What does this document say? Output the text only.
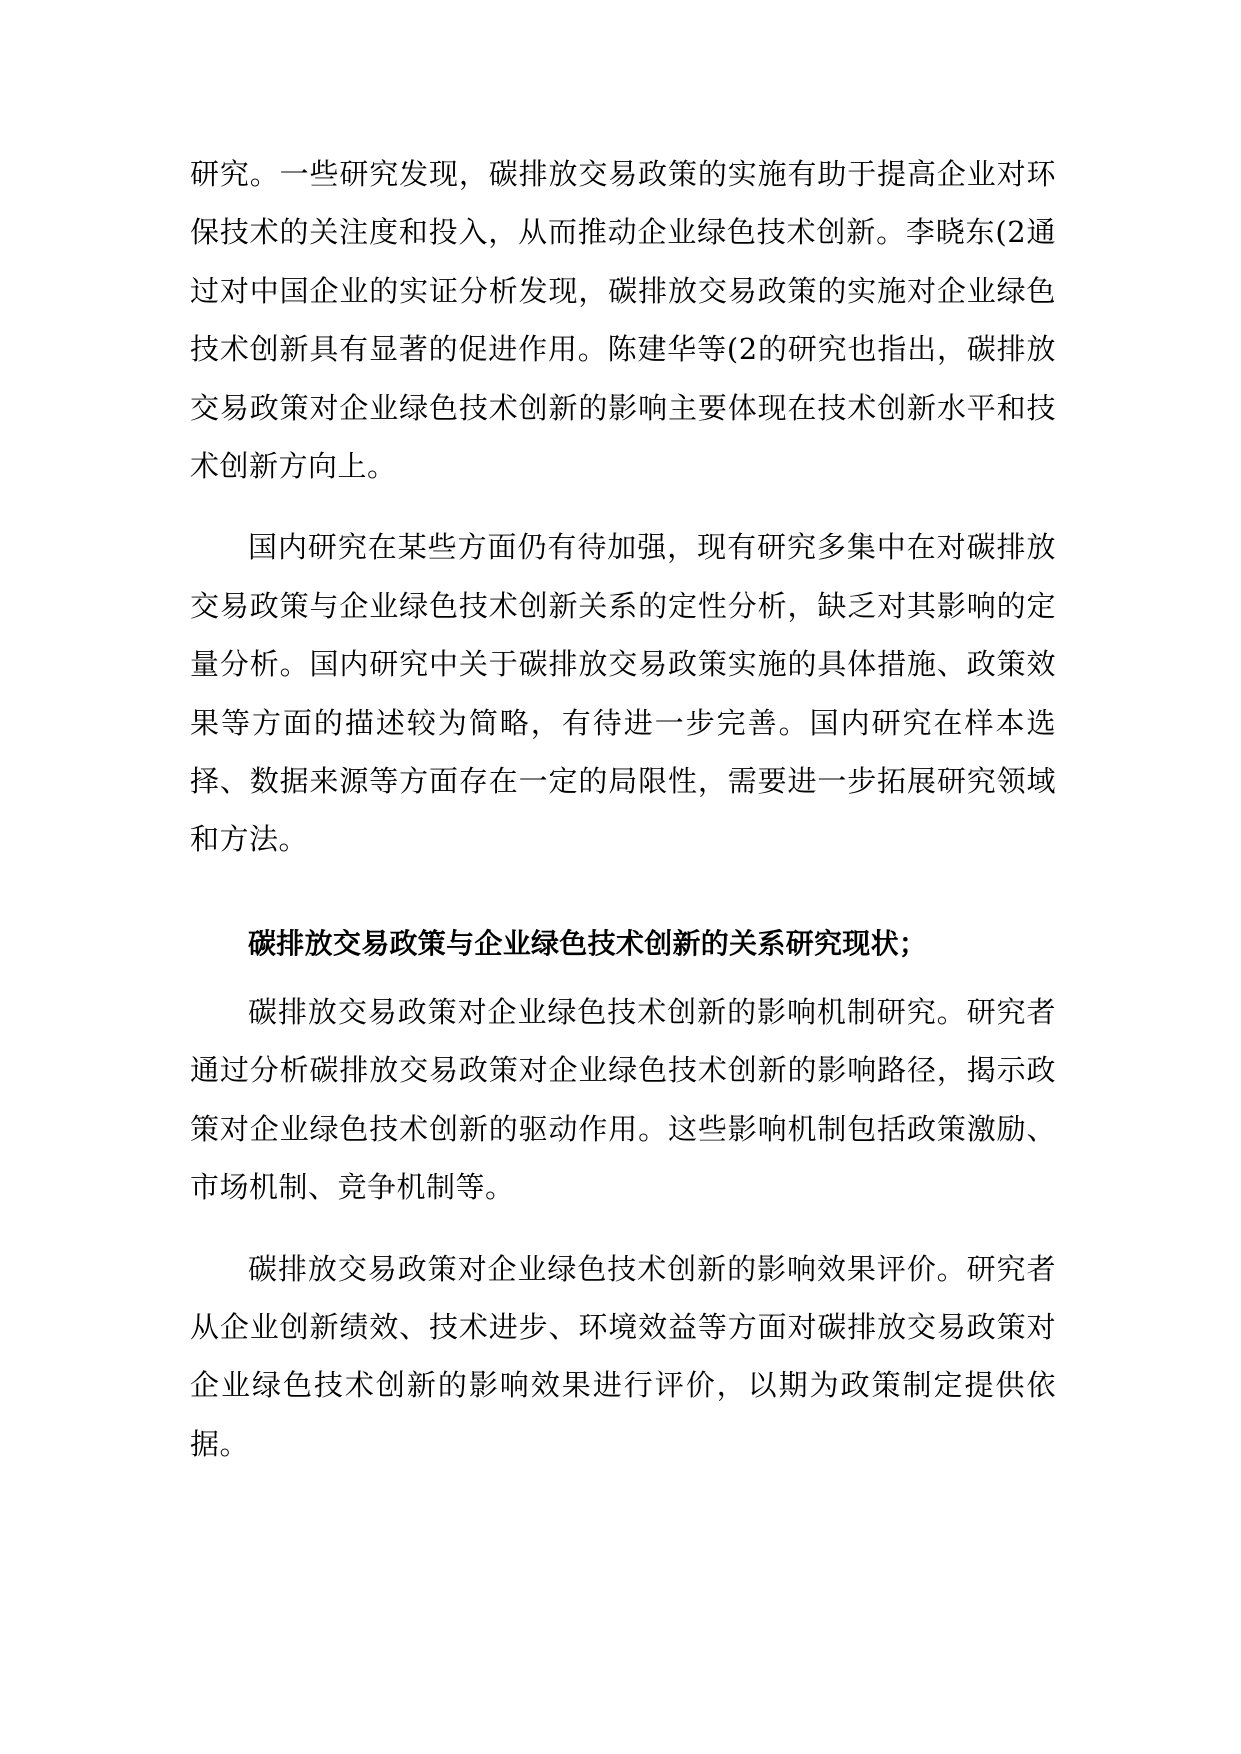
研究。一些研究发现，碳排放交易政策的实施有助于提高企业对环保技术的关注度和投入，从而推动企业绿色技术创新。李晓东(2通过对中国企业的实证分析发现，碳排放交易政策的实施对企业绿色技术创新具有显著的促进作用。陈建华等(2的研究也指出，碳排放交易政策对企业绿色技术创新的影响主要体现在技术创新水平和技术创新方向上。

国内研究在某些方面仍有待加强，现有研究多集中在对碳排放交易政策与企业绿色技术创新关系的定性分析，缺乏对其影响的定量分析。国内研究中关于碳排放交易政策实施的具体措施、政策效果等方面的描述较为简略，有待进一步完善。国内研究在样本选择、数据来源等方面存在一定的局限性，需要进一步拓展研究领域和方法。

碳排放交易政策与企业绿色技术创新的关系研究现状；

碳排放交易政策对企业绿色技术创新的影响机制研究。研究者通过分析碳排放交易政策对企业绿色技术创新的影响路径，揭示政策对企业绿色技术创新的驱动作用。这些影响机制包括政策激励、市场机制、竞争机制等。

碳排放交易政策对企业绿色技术创新的影响效果评价。研究者从企业创新绩效、技术进步、环境效益等方面对碳排放交易政策对企业绿色技术创新的影响效果进行评价，以期为政策制定提供依据。
